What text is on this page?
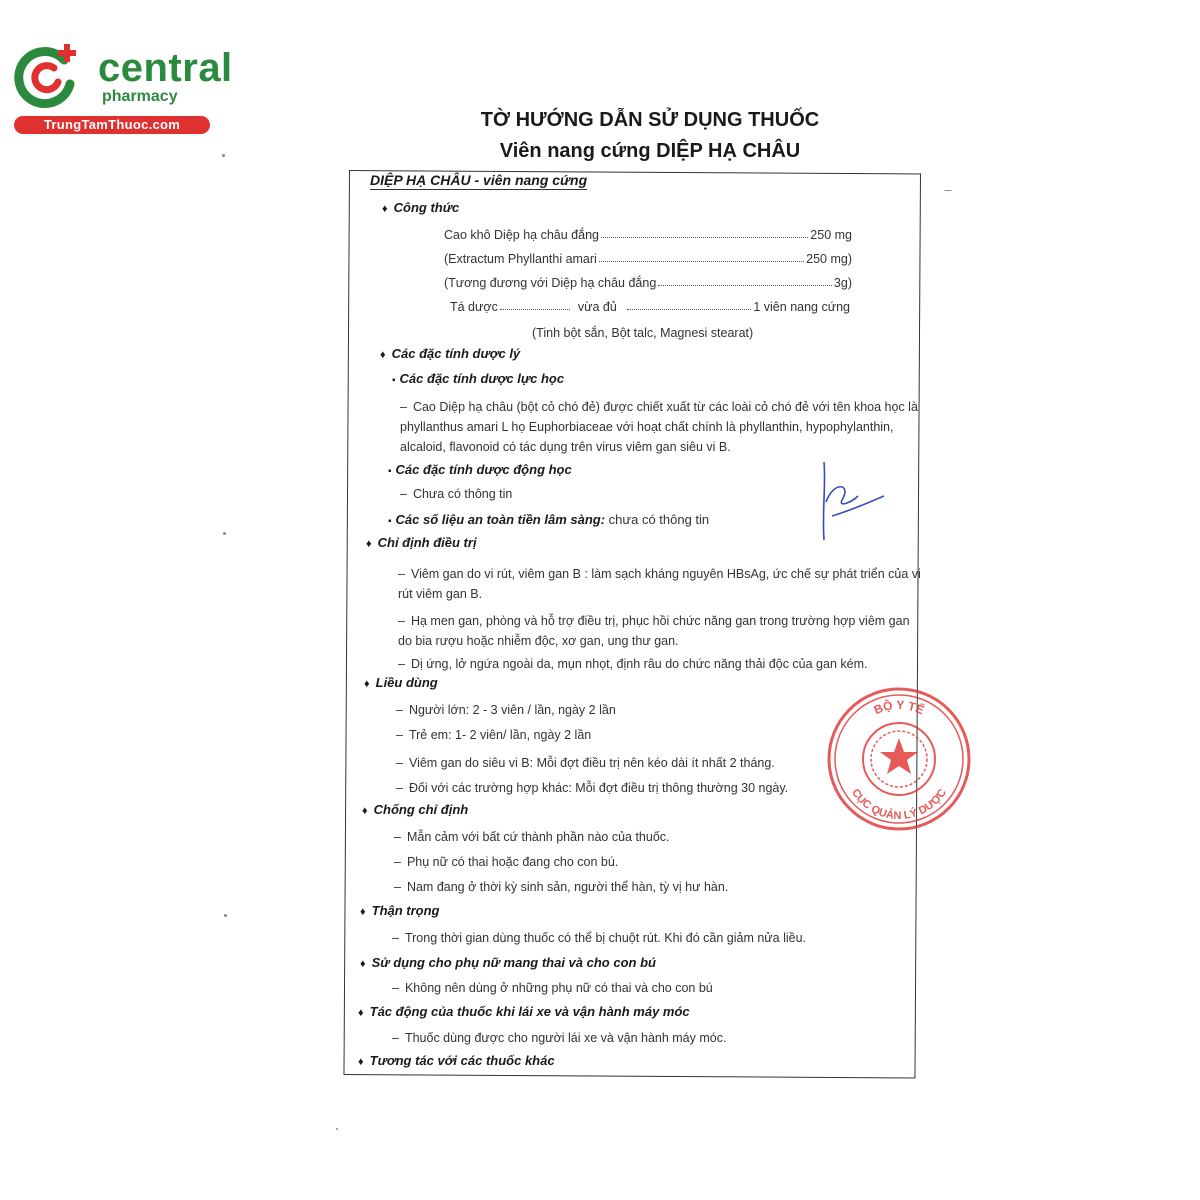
central
pharmacy
TrungTamThuoc.com	TỜ HƯỚNG DẪN SỬ DỤNG THUỐC
Viên nang cứng DIỆP HẠ CHÂU
DIỆP HẠ CHÂU - viên nang cứng
♦ Công thức
Cao khô Diệp hạ châu đắng	250 mg
(Extractum Phyllanthi amari	250 mg)
(Tương đương với Diệp hạ châu đắng	3g)
Tá dược	vừa đủ	1 viên nang cứng
(Tinh bột sắn, Bột talc, Magnesi stearat)
♦ Các đặc tính dược lý
▪ Các đặc tính dược lực học
– Cao Diệp hạ châu (bột cỏ chó đẻ) được chiết xuất từ các loài cỏ chó đẻ với tên khoa học là phyllanthus amari L họ Euphorbiaceae với hoạt chất chính là phyllanthin, hypophylanthin, alcaloid, flavonoid có tác dụng trên virus viêm gan siêu vi B.
▪ Các đặc tính dược động học
– Chưa có thông tin
▪ Các số liệu an toàn tiền lâm sàng: chưa có thông tin
♦ Chỉ định điều trị
– Viêm gan do vi rút, viêm gan B : làm sạch kháng nguyên HBsAg, ức chế sự phát triển của vi rút viêm gan B.
– Hạ men gan, phòng và hỗ trợ điều trị, phục hồi chức năng gan trong trường hợp viêm gan do bia rượu hoặc nhiễm độc, xơ gan, ung thư gan.
– Dị ứng, lở ngứa ngoài da, mụn nhọt, định râu do chức năng thải độc của gan kém.
♦ Liều dùng
– Người lớn: 2 - 3 viên / lần, ngày 2 lần
– Trẻ em: 1- 2 viên/ lần, ngày 2 lần
– Viêm gan do siêu vi B: Mỗi đợt điều trị nên kéo dài ít nhất 2 tháng.
– Đối với các trường hợp khác: Mỗi đợt điều trị thông thường 30 ngày.
♦ Chống chỉ định
– Mẫn cảm với bất cứ thành phần nào của thuốc.
– Phụ nữ có thai hoặc đang cho con bú.
– Nam đang ở thời kỳ sinh sản, người thể hàn, tỳ vị hư hàn.
♦ Thận trọng
– Trong thời gian dùng thuốc có thể bị chuột rút. Khi đó cần giảm nửa liều.
♦ Sử dụng cho phụ nữ mang thai và cho con bú
– Không nên dùng ở những phụ nữ có thai và cho con bú
♦ Tác động của thuốc khi lái xe và vận hành máy móc
– Thuốc dùng được cho người lái xe và vận hành máy móc.
♦ Tương tác với các thuốc khác
BỘ Y TẾ
CỤC QUẢN LÝ DƯỢC
